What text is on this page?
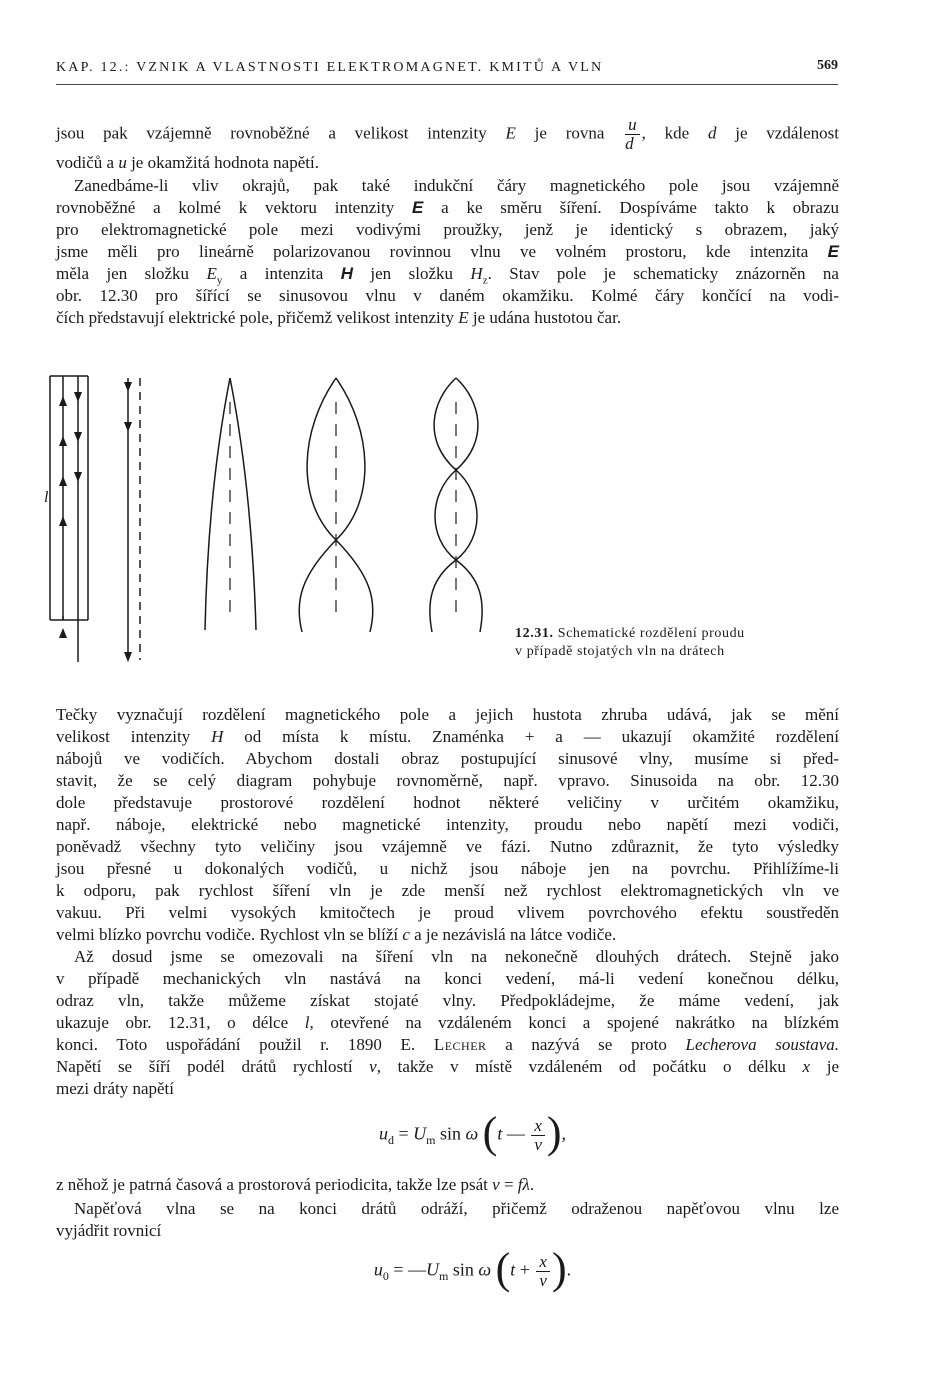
KAP. 12.: VZNIK A VLASTNOSTI ELEKTROMAGNET. KMITŮ A VLN	569
jsou pak vzájemně rovnoběžné a velikost intenzity E je rovna $\frac{u}{d}$ , kde d je vzdálenost
vodičů a u je okamžitá hodnota napětí.
Zanedbáme-li vliv okrajů, pak také indukční čáry magnetického pole jsou vzájemně
rovnoběžné a kolmé k vektoru intenzity E a ke směru šíření. Dospíváme takto k obrazu
pro elektromagnetické pole mezi vodivými proužky, jenž je identický s obrazem, jaký
jsme měli pro lineárně polarizovanou rovinnou vlnu ve volném prostoru, kde intenzita E
měla jen složku $E_y$ a intenzita H jen složku $H_z$. Stav pole je schematicky znázorněn na
obr. 12.30 pro šířící se sinusovou vlnu v daném okamžiku. Kolmé čáry končící na vodi-
čích představují elektrické pole, přičemž velikost intenzity E je udána hustotou čar.
l
12.31. Schematické rozdělení proudu
v případě stojatých vln na drátech
Tečky vyznačují rozdělení magnetického pole a jejich hustota zhruba udává, jak se mění
velikost intenzity H od místa k místu. Znaménka + a — ukazují okamžité rozdělení
nábojů ve vodičích. Abychom dostali obraz postupující sinusové vlny, musíme si před-
stavit, že se celý diagram pohybuje rovnoměrně, např. vpravo. Sinusoida na obr. 12.30
dole představuje prostorové rozdělení hodnot některé veličiny v určitém okamžiku,
např. náboje, elektrické nebo magnetické intenzity, proudu nebo napětí mezi vodiči,
poněvadž všechny tyto veličiny jsou vzájemně ve fázi. Nutno zdůraznit, že tyto výsledky
jsou přesné u dokonalých vodičů, u nichž jsou náboje jen na povrchu. Přihlížíme-li
k odporu, pak rychlost šíření vln je zde menší než rychlost elektromagnetických vln ve
vakuu. Při velmi vysokých kmitočtech je proud vlivem povrchového efektu soustředěn
velmi blízko povrchu vodiče. Rychlost vln se blíží c a je nezávislá na látce vodiče.
Až dosud jsme se omezovali na šíření vln na nekonečně dlouhých drátech. Stejně jako
v případě mechanických vln nastává na konci vedení, má-li vedení konečnou délku,
odraz vln, takže můžeme získat stojaté vlny. Předpokládejme, že máme vedení, jak
ukazuje obr. 12.31, o délce l, otevřené na vzdáleném konci a spojené nakrátko na blízkém
konci. Toto uspořádání použil r. 1890 E. Lecher a nazývá se proto Lecherova soustava.
Napětí se šíří podél drátů rychlostí v, takže v místě vzdáleném od počátku o délku x je
mezi dráty napětí
$u_d = U_m$ sin ω (t — $\frac{x}{v}$ ),
z něhož je patrná časová a prostorová periodicita, takže lze psát v = fλ.
Napěťová vlna se na konci drátů odráží, přičemž odraženou napěťovou vlnu lze
vyjádřit rovnicí
$u_0$ = $—U_m$ sin ω ($t + \frac{x}{v}$ ).
